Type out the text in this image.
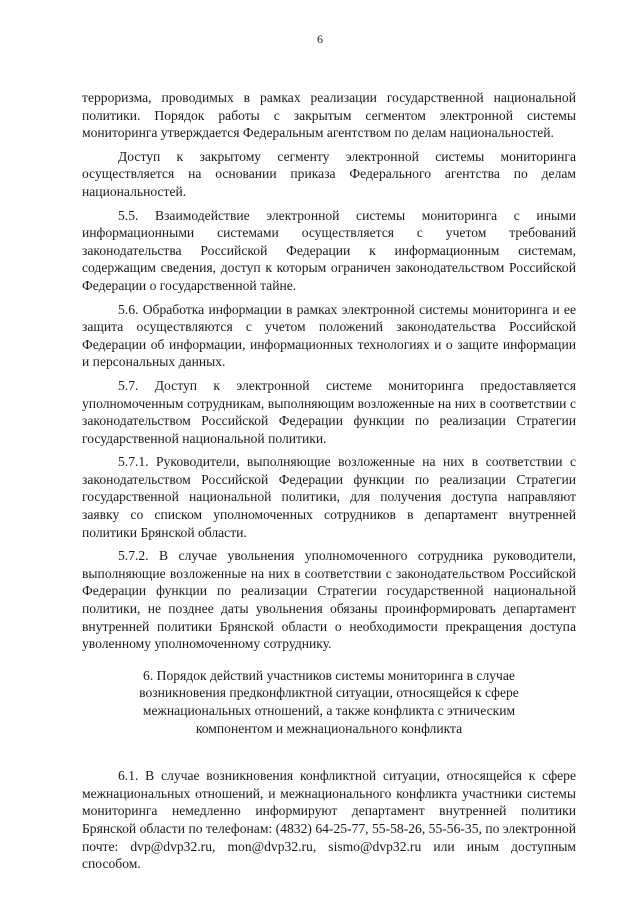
6

терроризма, проводимых в рамках реализации государственной национальной политики. Порядок работы с закрытым сегментом электронной системы мониторинга утверждается Федеральным агентством по делам национальностей.

Доступ к закрытому сегменту электронной системы мониторинга осуществляется на основании приказа Федерального агентства по делам национальностей.

5.5. Взаимодействие электронной системы мониторинга с иными информационными системами осуществляется с учетом требований законодательства Российской Федерации к информационным системам, содержащим сведения, доступ к которым ограничен законодательством Российской Федерации о государственной тайне.

5.6. Обработка информации в рамках электронной системы мониторинга и ее защита осуществляются с учетом положений законодательства Российской Федерации об информации, информационных технологиях и о защите информации и персональных данных.

5.7. Доступ к электронной системе мониторинга предоставляется уполномоченным сотрудникам, выполняющим возложенные на них в соответствии с законодательством Российской Федерации функции по реализации Стратегии государственной национальной политики.

5.7.1. Руководители, выполняющие возложенные на них в соответствии с законодательством Российской Федерации функции по реализации Стратегии государственной национальной политики, для получения доступа направляют заявку со списком уполномоченных сотрудников в департамент внутренней политики Брянской области.

5.7.2. В случае увольнения уполномоченного сотрудника руководители, выполняющие возложенные на них в соответствии с законодательством Российской Федерации функции по реализации Стратегии государственной национальной политики, не позднее даты увольнения обязаны проинформировать департамент внутренней политики Брянской области о необходимости прекращения доступа уволенному уполномоченному сотруднику.

6. Порядок действий участников системы мониторинга в случае
возникновения предконфликтной ситуации, относящейся к сфере
межнациональных отношений, а также конфликта с этническим
компонентом и межнационального конфликта

6.1. В случае возникновения конфликтной ситуации, относящейся к сфере межнациональных отношений, и межнационального конфликта участники системы мониторинга немедленно информируют департамент внутренней политики Брянской области по телефонам: (4832) 64-25-77, 55-58-26, 55-56-35, по электронной почте: dvp@dvp32.ru, mon@dvp32.ru, sismo@dvp32.ru или иным доступным способом.
